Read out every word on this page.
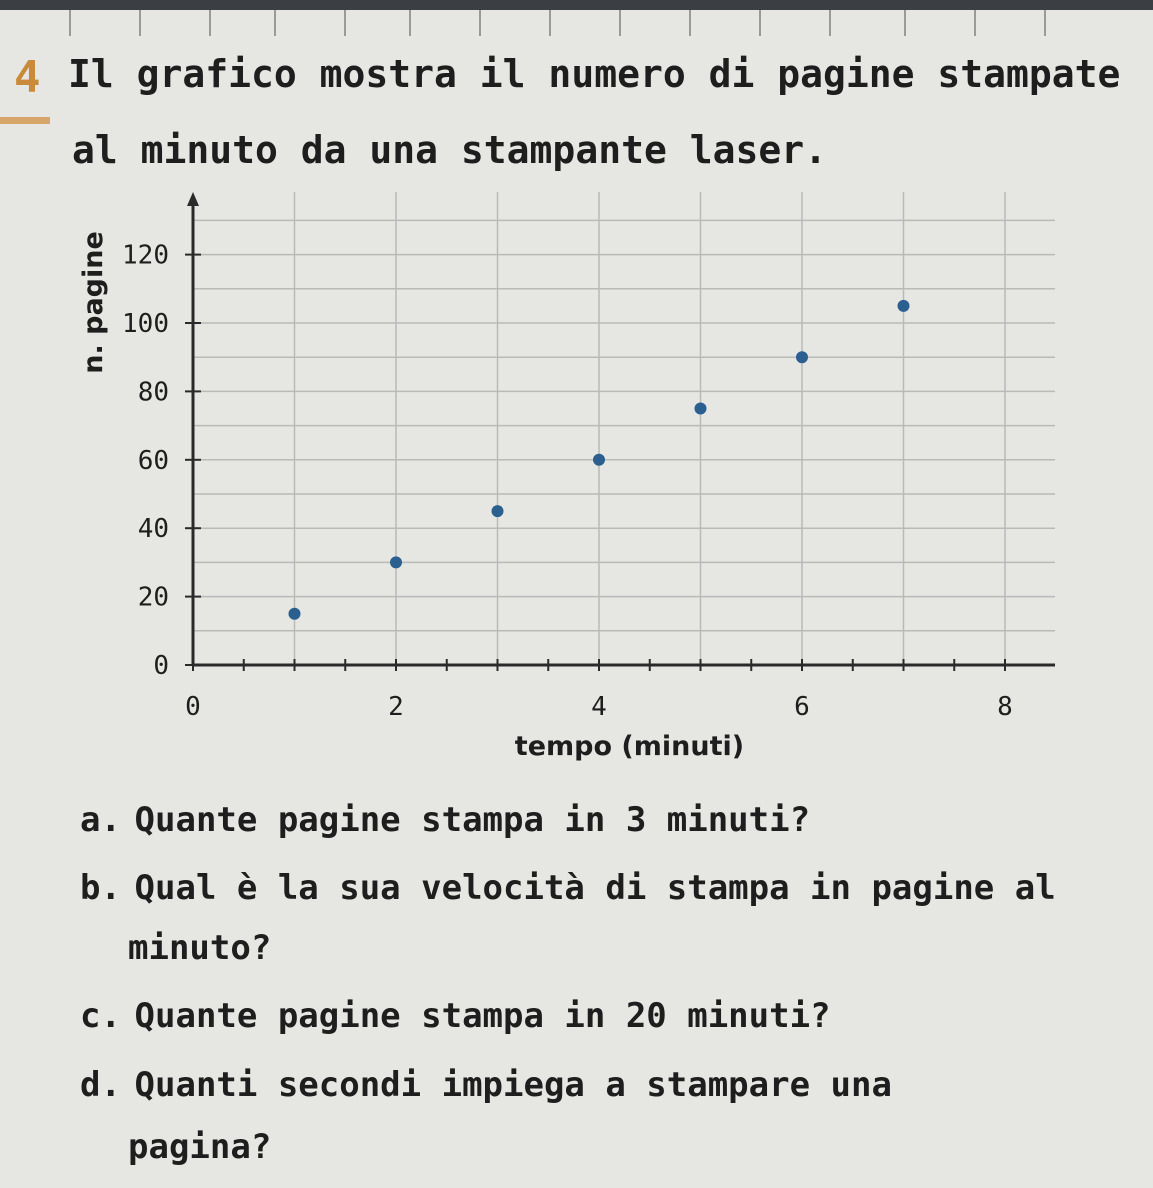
4 Il grafico mostra il numero di pagine stampate
al minuto da una stampante laser.
0	2	4	6	8
0
20
40
60
80
100
120
tempo (minuti)
n. pagine
a. Quante pagine stampa in 3 minuti?
b. Qual è la sua velocità di stampa in pagine al
minuto?
c. Quante pagine stampa in 20 minuti?
d. Quanti secondi impiega a stampare una
pagina?
